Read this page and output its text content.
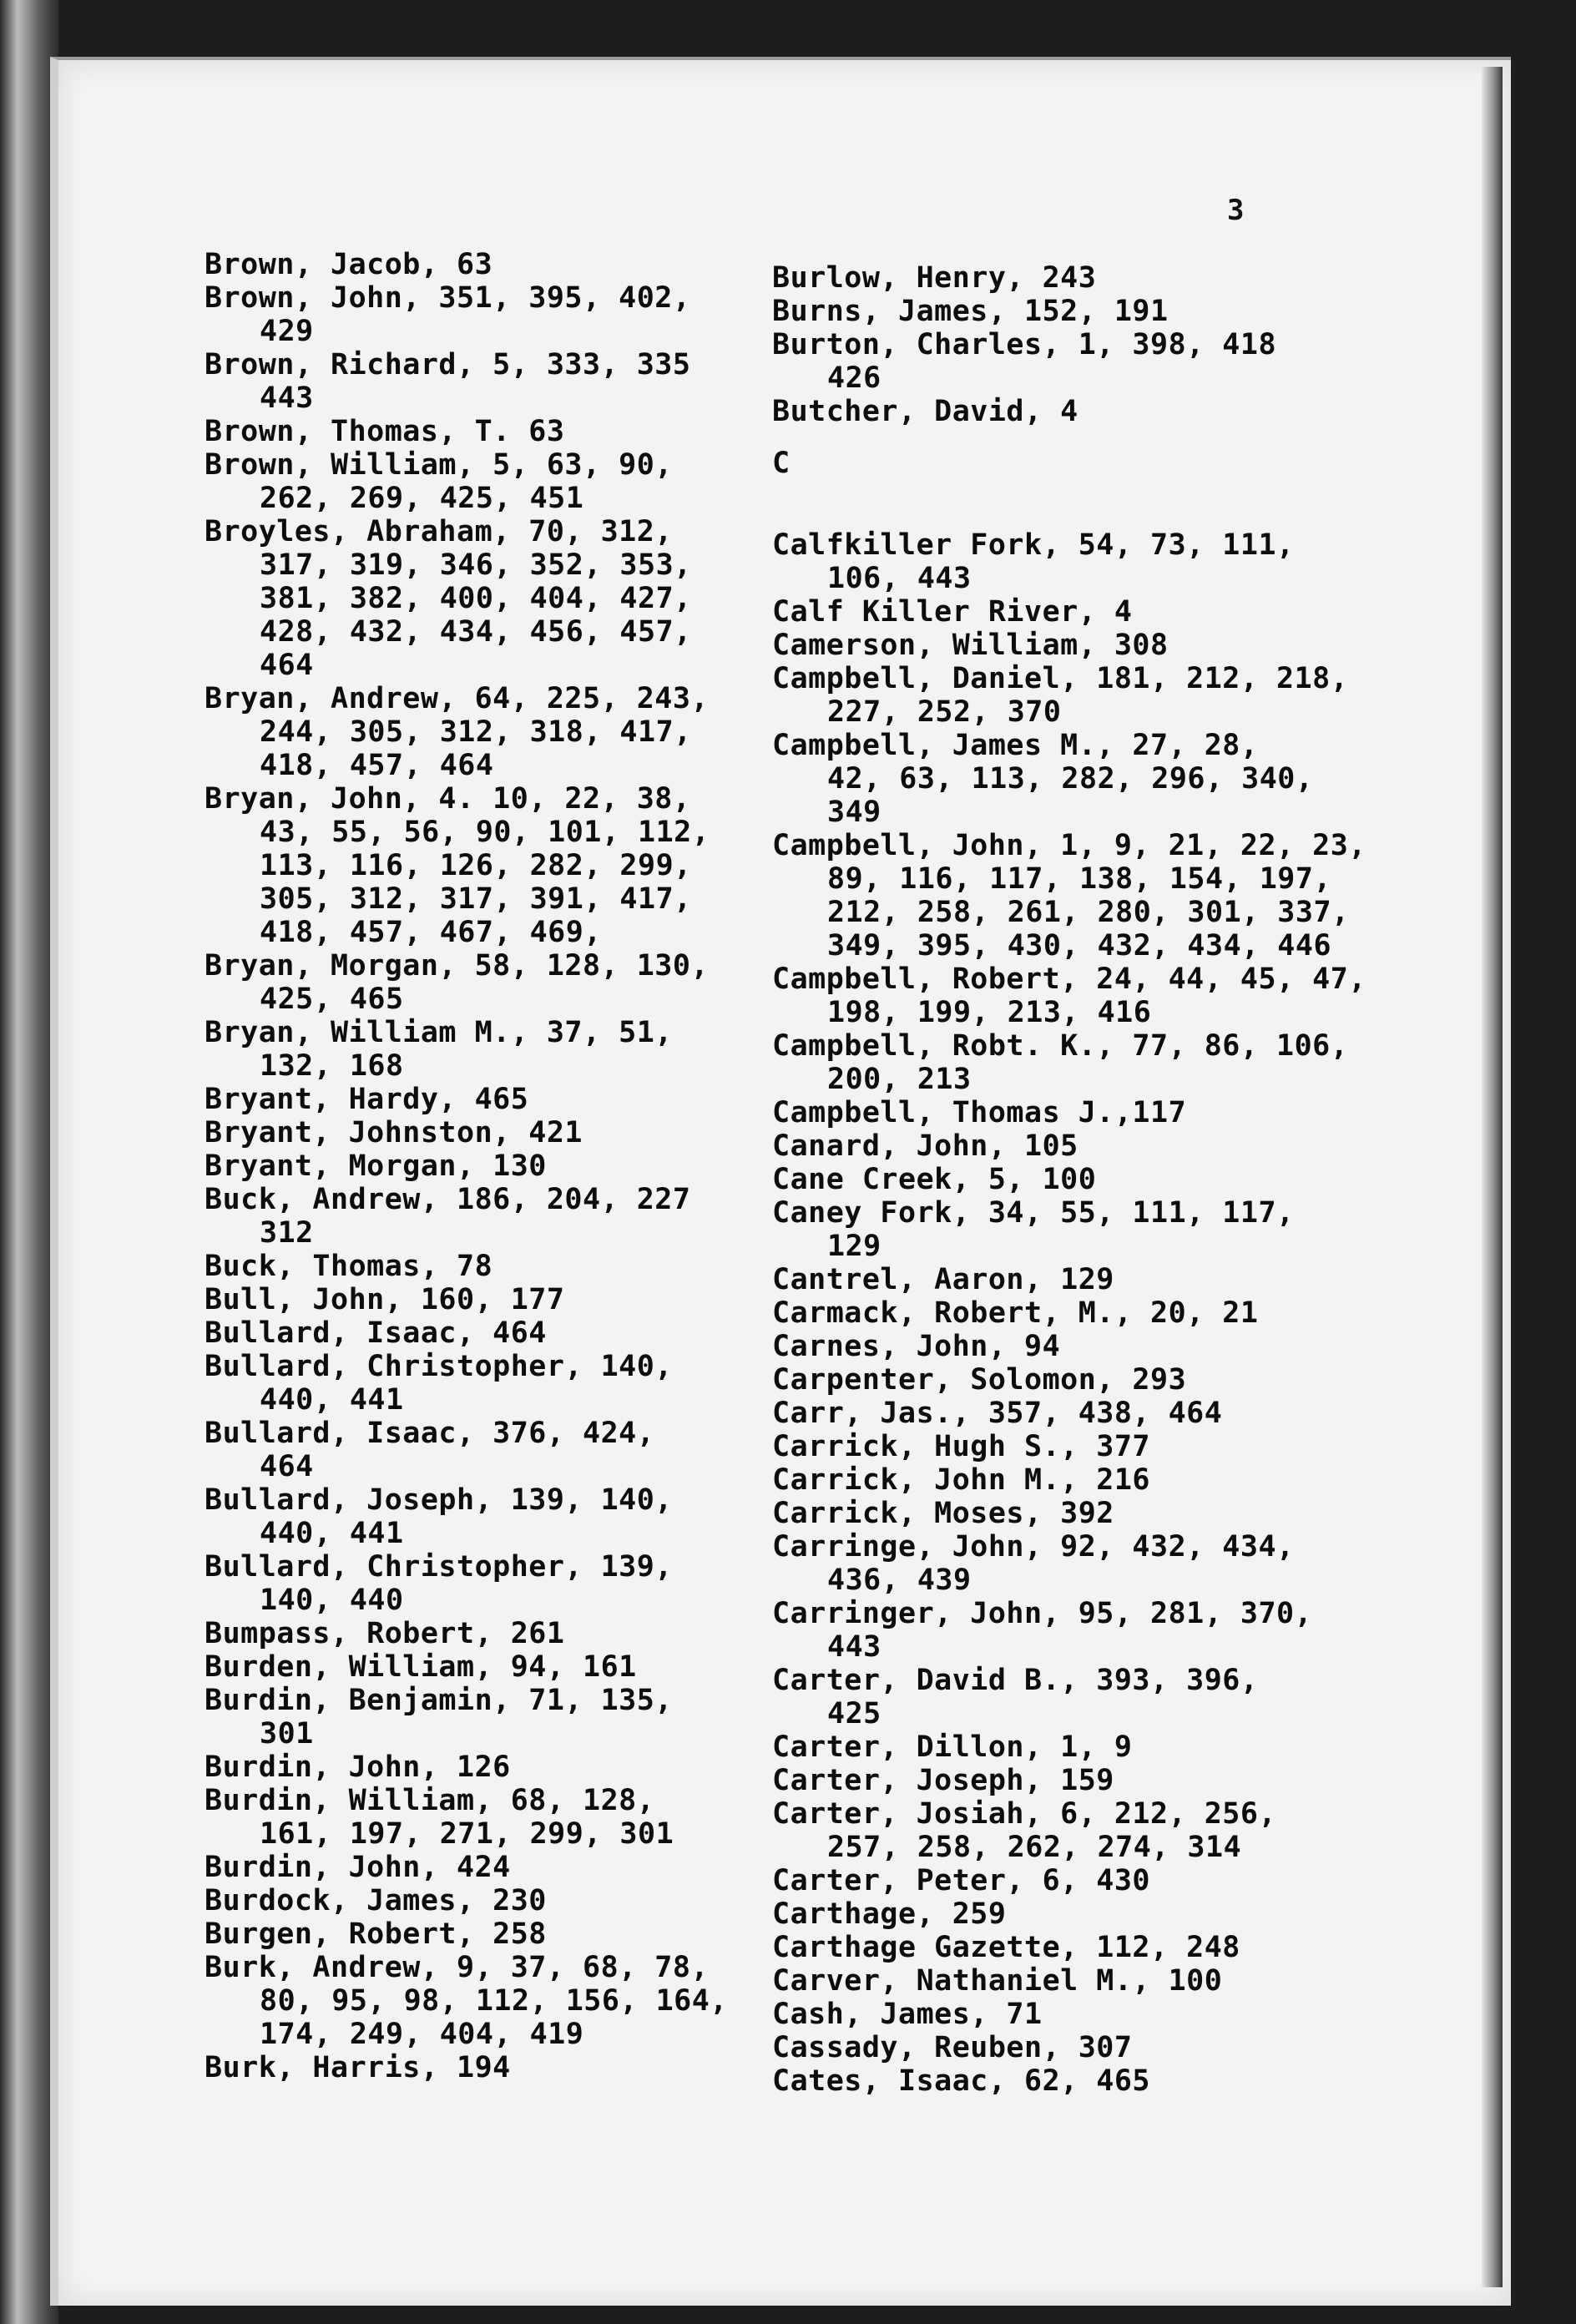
3
Brown, Jacob, 63
Brown, John, 351, 395, 402,
429
Brown, Richard, 5, 333, 335
443
Brown, Thomas, T. 63
Brown, William, 5, 63, 90,
262, 269, 425, 451
Broyles, Abraham, 70, 312,
317, 319, 346, 352, 353,
381, 382, 400, 404, 427,
428, 432, 434, 456, 457,
464
Bryan, Andrew, 64, 225, 243,
244, 305, 312, 318, 417,
418, 457, 464
Bryan, John, 4. 10, 22, 38,
43, 55, 56, 90, 101, 112,
113, 116, 126, 282, 299,
305, 312, 317, 391, 417,
418, 457, 467, 469,
Bryan, Morgan, 58, 128, 130,
425, 465
Bryan, William M., 37, 51,
132, 168
Bryant, Hardy, 465
Bryant, Johnston, 421
Bryant, Morgan, 130
Buck, Andrew, 186, 204, 227
312
Buck, Thomas, 78
Bull, John, 160, 177
Bullard, Isaac, 464
Bullard, Christopher, 140,
440, 441
Bullard, Isaac, 376, 424,
464
Bullard, Joseph, 139, 140,
440, 441
Bullard, Christopher, 139,
140, 440
Bumpass, Robert, 261
Burden, William, 94, 161
Burdin, Benjamin, 71, 135,
301
Burdin, John, 126
Burdin, William, 68, 128,
161, 197, 271, 299, 301
Burdin, John, 424
Burdock, James, 230
Burgen, Robert, 258
Burk, Andrew, 9, 37, 68, 78,
80, 95, 98, 112, 156, 164,
174, 249, 404, 419
Burk, Harris, 194
Burlow, Henry, 243
Burns, James, 152, 191
Burton, Charles, 1, 398, 418
426
Butcher, David, 4
C
Calfkiller Fork, 54, 73, 111,
106, 443
Calf Killer River, 4
Camerson, William, 308
Campbell, Daniel, 181, 212, 218,
227, 252, 370
Campbell, James M., 27, 28,
42, 63, 113, 282, 296, 340,
349
Campbell, John, 1, 9, 21, 22, 23,
89, 116, 117, 138, 154, 197,
212, 258, 261, 280, 301, 337,
349, 395, 430, 432, 434, 446
Campbell, Robert, 24, 44, 45, 47,
198, 199, 213, 416
Campbell, Robt. K., 77, 86, 106,
200, 213
Campbell, Thomas J.,117
Canard, John, 105
Cane Creek, 5, 100
Caney Fork, 34, 55, 111, 117,
129
Cantrel, Aaron, 129
Carmack, Robert, M., 20, 21
Carnes, John, 94
Carpenter, Solomon, 293
Carr, Jas., 357, 438, 464
Carrick, Hugh S., 377
Carrick, John M., 216
Carrick, Moses, 392
Carringe, John, 92, 432, 434,
436, 439
Carringer, John, 95, 281, 370,
443
Carter, David B., 393, 396,
425
Carter, Dillon, 1, 9
Carter, Joseph, 159
Carter, Josiah, 6, 212, 256,
257, 258, 262, 274, 314
Carter, Peter, 6, 430
Carthage, 259
Carthage Gazette, 112, 248
Carver, Nathaniel M., 100
Cash, James, 71
Cassady, Reuben, 307
Cates, Isaac, 62, 465
